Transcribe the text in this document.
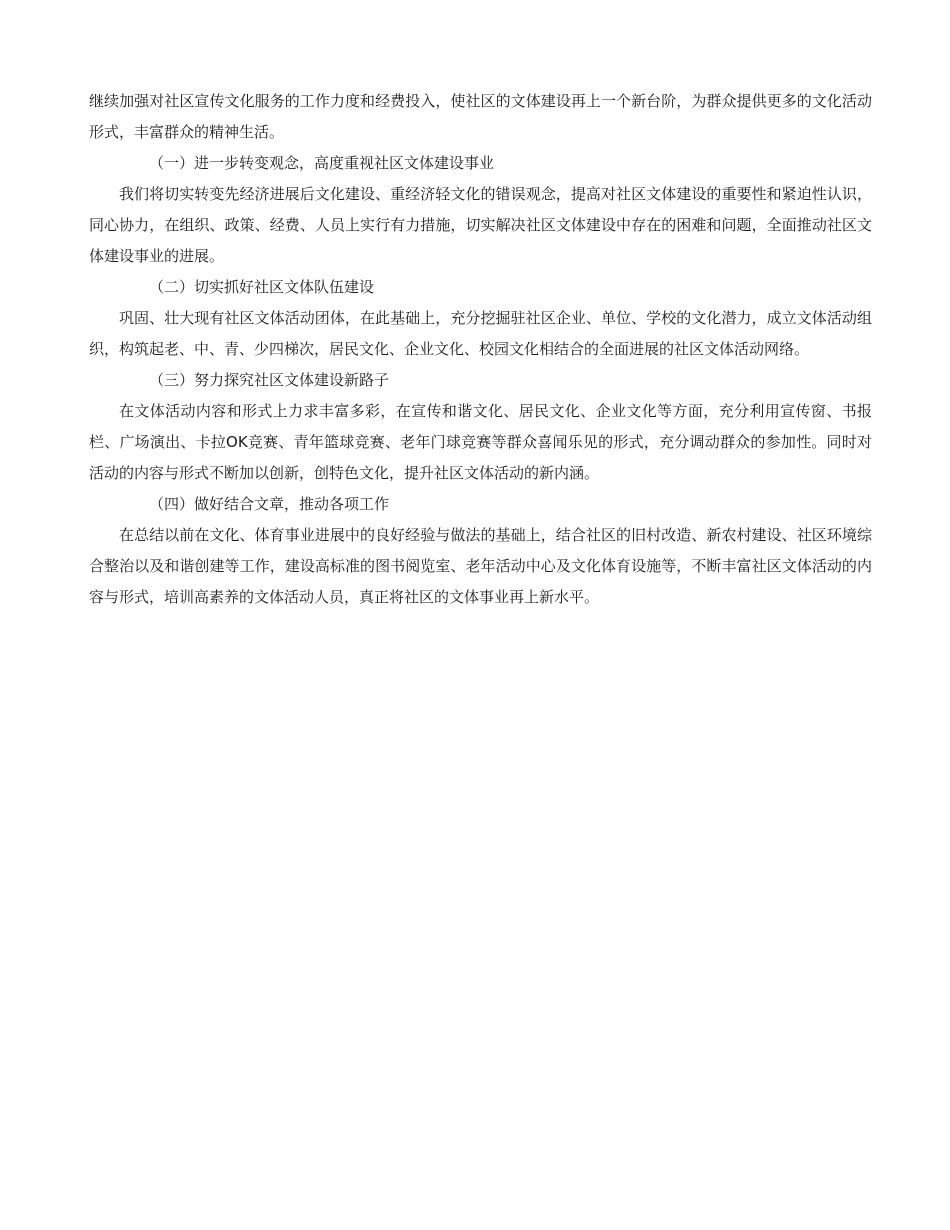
继续加强对社区宣传文化服务的工作力度和经费投入，使社区的文体建设再上一个新台阶，为群众提供更多的文化活动形式，丰富群众的精神生活。

（一）进一步转变观念，高度重视社区文体建设事业

我们将切实转变先经济进展后文化建设、重经济轻文化的错误观念，提高对社区文体建设的重要性和紧迫性认识，同心协力，在组织、政策、经费、人员上实行有力措施，切实解决社区文体建设中存在的困难和问题，全面推动社区文体建设事业的进展。

（二）切实抓好社区文体队伍建设

巩固、壮大现有社区文体活动团体，在此基础上，充分挖掘驻社区企业、单位、学校的文化潜力，成立文体活动组织，构筑起老、中、青、少四梯次，居民文化、企业文化、校园文化相结合的全面进展的社区文体活动网络。

（三）努力探究社区文体建设新路子

在文体活动内容和形式上力求丰富多彩，在宣传和谐文化、居民文化、企业文化等方面，充分利用宣传窗、书报栏、广场演出、卡拉OK竞赛、青年篮球竞赛、老年门球竞赛等群众喜闻乐见的形式，充分调动群众的参加性。同时对活动的内容与形式不断加以创新，创特色文化，提升社区文体活动的新内涵。

（四）做好结合文章，推动各项工作

在总结以前在文化、体育事业进展中的良好经验与做法的基础上，结合社区的旧村改造、新农村建设、社区环境综合整治以及和谐创建等工作，建设高标准的图书阅览室、老年活动中心及文化体育设施等，不断丰富社区文体活动的内容与形式，培训高素养的文体活动人员，真正将社区的文体事业再上新水平。
